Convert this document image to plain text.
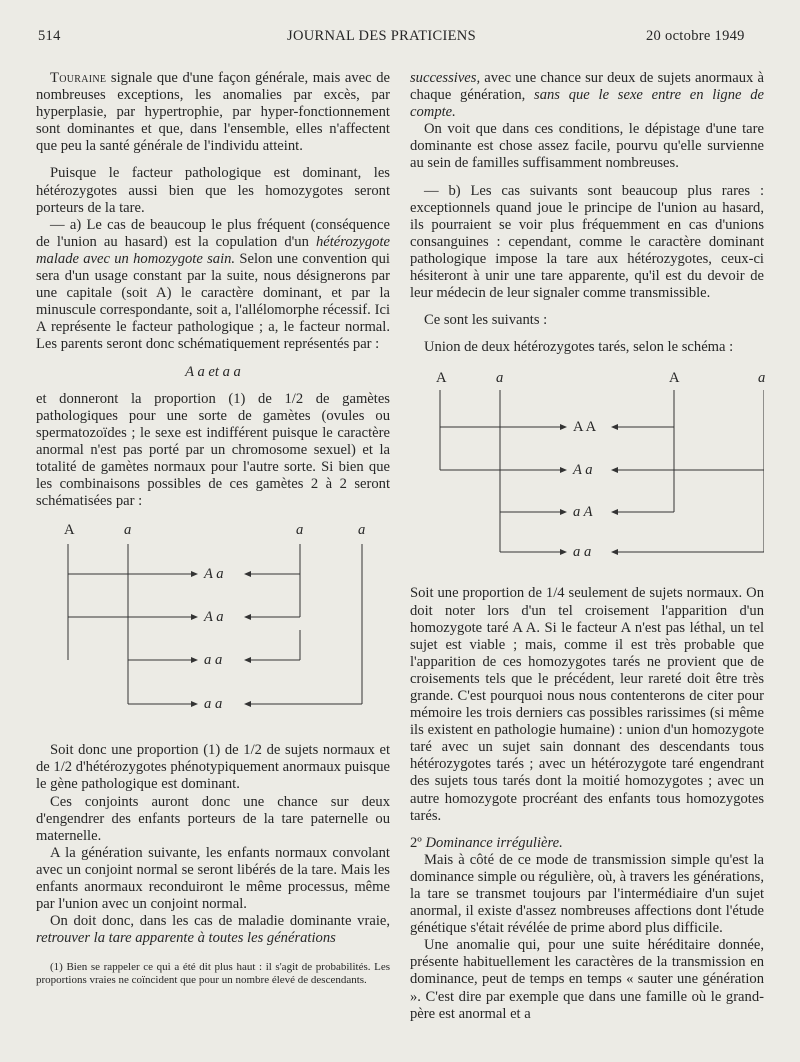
514	JOURNAL DES PRATICIENS	20 octobre 1949

Touraine signale que d'une façon générale, mais avec de nombreuses exceptions, les anomalies par excès, par hyperplasie, par hypertrophie, par hyper-fonctionnement sont dominantes et que, dans l'ensemble, elles n'affectent que peu la santé générale de l'individu atteint.

Puisque le facteur pathologique est dominant, les hétérozygotes aussi bien que les homozygotes seront porteurs de la tare.

— a) Le cas de beaucoup le plus fréquent (conséquence de l'union au hasard) est la copulation d'un hétérozygote malade avec un homozygote sain. Selon une convention qui sera d'un usage constant par la suite, nous désignerons par une capitale (soit A) le caractère dominant, et par la minuscule correspondante, soit a, l'allélomorphe récessif. Ici A représente le facteur pathologique ; a, le facteur normal. Les parents seront donc schématiquement représentés par :

A a et a a

et donneront la proportion (1) de 1/2 de gamètes pathologiques pour une sorte de gamètes (ovules ou spermatozoïdes ; le sexe est indifférent puisque le caractère anormal n'est pas porté par un chromosome sexuel) et la totalité de gamètes normaux pour l'autre sorte. Si bien que les combinaisons possibles de ces gamètes 2 à 2 seront schématisées par :

A	a	a	a
A a
A a
a a
a a

Soit donc une proportion (1) de 1/2 de sujets normaux et de 1/2 d'hétérozygotes phénotypiquement anormaux puisque le gène pathologique est dominant.

Ces conjoints auront donc une chance sur deux d'engendrer des enfants porteurs de la tare paternelle ou maternelle.

A la génération suivante, les enfants normaux convolant avec un conjoint normal se seront libérés de la tare. Mais les enfants anormaux reconduiront le même processus, même par l'union avec un conjoint normal.

On doit donc, dans les cas de maladie dominante vraie, retrouver la tare apparente à toutes les générations

(1) Bien se rappeler ce qui a été dit plus haut : il s'agit de probabilités. Les proportions vraies ne coïncident que pour un nombre élevé de descendants.

successives, avec une chance sur deux de sujets anormaux à chaque génération, sans que le sexe entre en ligne de compte.

On voit que dans ces conditions, le dépistage d'une tare dominante est chose assez facile, pourvu qu'elle survienne au sein de familles suffisamment nombreuses.

— b) Les cas suivants sont beaucoup plus rares : exceptionnels quand joue le principe de l'union au hasard, ils pourraient se voir plus fréquemment en cas d'unions consanguines : cependant, comme le caractère dominant pathologique impose la tare aux hétérozygotes, ceux-ci hésiteront à unir une tare apparente, qu'il est du devoir de leur médecin de leur signaler comme transmissible.

Ce sont les suivants :

Union de deux hétérozygotes tarés, selon le schéma :

A	a	A	a
A A
A a
a A
a a

Soit une proportion de 1/4 seulement de sujets normaux. On doit noter lors d'un tel croisement l'apparition d'un homozygote taré A A. Si le facteur A n'est pas léthal, un tel sujet est viable ; mais, comme il est très probable que l'apparition de ces homozygotes tarés ne provient que de croisements tels que le précédent, leur rareté doit être très grande. C'est pourquoi nous nous contenterons de citer pour mémoire les trois derniers cas possibles rarissimes (si même ils existent en pathologie humaine) : union d'un homozygote taré avec un sujet sain donnant des descendants tous hétérozygotes tarés ; avec un hétérozygote taré engendrant des sujets tous tarés dont la moitié homozygotes ; avec un autre homozygote procréant des enfants tous homozygotes tarés.

2º Dominance irrégulière.

Mais à côté de ce mode de transmission simple qu'est la dominance simple ou régulière, où, à travers les générations, la tare se transmet toujours par l'intermédiaire d'un sujet anormal, il existe d'assez nombreuses affections dont l'étude génétique s'était révélée de prime abord plus difficile.

Une anomalie qui, pour une suite héréditaire donnée, présente habituellement les caractères de la transmission en dominance, peut de temps en temps « sauter une génération ». C'est dire par exemple que dans une famille où le grand-père est anormal et a
